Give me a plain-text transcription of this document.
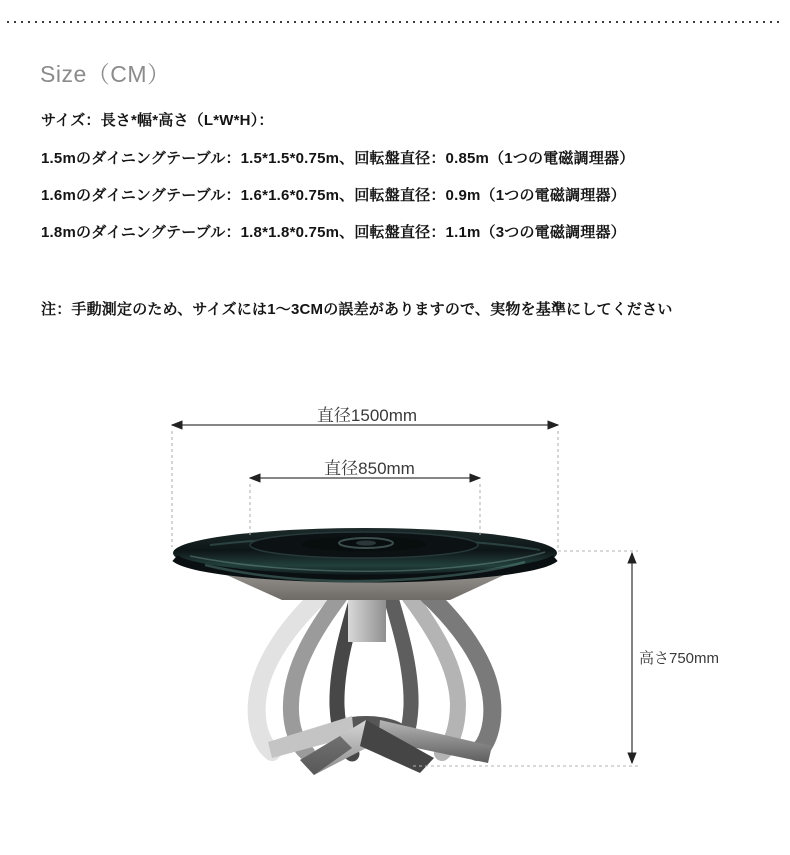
Size（CM）
サイズ：長さ*幅*高さ（L*W*H）：
1.5mのダイニングテーブル：1.5*1.5*0.75m、回転盤直径：0.85m（1つの電磁調理器）
1.6mのダイニングテーブル：1.6*1.6*0.75m、回転盤直径：0.9m（1つの電磁調理器）
1.8mのダイニングテーブル：1.8*1.8*0.75m、回転盤直径：1.1m（3つの電磁調理器）
注：手動測定のため、サイズには1〜3CMの誤差がありますので、実物を基準にしてください
直径1500mm
直径850mm
高さ750mm
